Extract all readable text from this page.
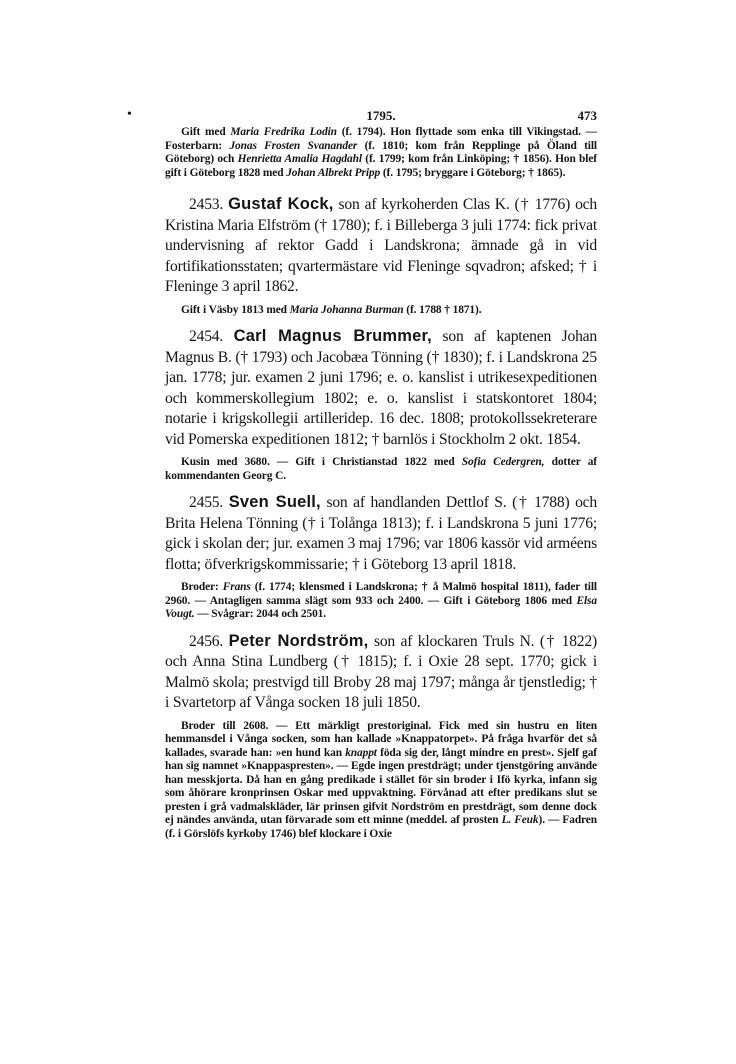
•	1795.	473

Gift med Maria Fredrika Lodin (f. 1794). Hon flyttade som enka till Vikingstad. — Fosterbarn: Jonas Frosten Svanander (f. 1810; kom från Repplinge på Öland till Göteborg) och Henrietta Amalia Hagdahl (f. 1799; kom från Linköping; † 1856). Hon blef gift i Göteborg 1828 med Johan Albrekt Pripp (f. 1795; bryggare i Göteborg; † 1865).

2453. Gustaf Kock, son af kyrkoherden Clas K. († 1776) och Kristina Maria Elfström († 1780); f. i Billeberga 3 juli 1774: fick privat undervisning af rektor Gadd i Landskrona; ämnade gå in vid fortifikationsstaten; qvartermästare vid Fleninge sqvadron; afsked; † i Fleninge 3 april 1862.

Gift i Väsby 1813 med Maria Johanna Burman (f. 1788 † 1871).

2454. Carl Magnus Brummer, son af kaptenen Johan Magnus B. († 1793) och Jacobæa Tönning († 1830); f. i Landskrona 25 jan. 1778; jur. examen 2 juni 1796; e. o. kanslist i utrikesexpeditionen och kommerskollegium 1802; e. o. kanslist i statskontoret 1804; notarie i krigskollegii artilleridep. 16 dec. 1808; protokollssekreterare vid Pomerska expeditionen 1812; † barnlös i Stockholm 2 okt. 1854.

Kusin med 3680. — Gift i Christianstad 1822 med Sofia Cedergren, dotter af kommendanten Georg C.

2455. Sven Suell, son af handlanden Dettlof S. († 1788) och Brita Helena Tönning († i Tolånga 1813); f. i Landskrona 5 juni 1776; gick i skolan der; jur. examen 3 maj 1796; var 1806 kassör vid arméens flotta; öfverkrigskommissarie; † i Göteborg 13 april 1818.

Broder: Frans (f. 1774; klensmed i Landskrona; † å Malmö hospital 1811), fader till 2960. — Antagligen samma slägt som 933 och 2400. — Gift i Göteborg 1806 med Elsa Vougt. — Svågrar: 2044 och 2501.

2456. Peter Nordström, son af klockaren Truls N. († 1822) och Anna Stina Lundberg († 1815); f. i Oxie 28 sept. 1770; gick i Malmö skola; prestvigd till Broby 28 maj 1797; många år tjenstledig; † i Svartetorp af Vånga socken 18 juli 1850.

Broder till 2608. — Ett märkligt prestoriginal. Fick med sin hustru en liten hemmansdel i Vånga socken, som han kallade »Knappatorpet». På fråga hvarför det så kallades, svarade han: »en hund kan knappt föda sig der, långt mindre en prest». Sjelf gaf han sig namnet »Knappaspresten». — Egde ingen prestdrägt; under tjenstgöring använde han messkjorta. Då han en gång predikade i stället för sin broder i Ifö kyrka, infann sig som åhörare kronprinsen Oskar med uppvaktning. Förvånad att efter predikans slut se presten i grå vadmalskläder, lär prinsen gifvit Nordström en prestdrägt, som denne dock ej nändes använda, utan förvarade som ett minne (meddel. af prosten L. Feuk). — Fadren (f. i Görslöfs kyrkoby 1746) blef klockare i Oxie
